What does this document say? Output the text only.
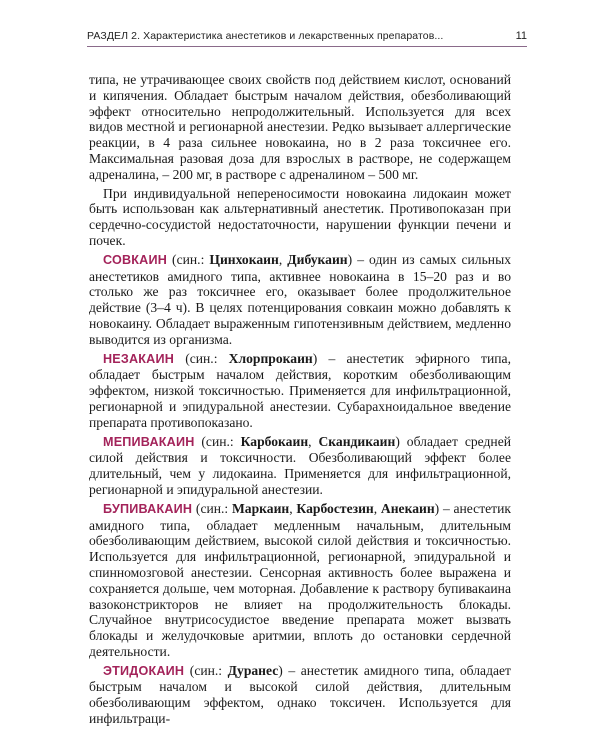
РАЗДЕЛ 2. Характеристика анестетиков и лекарственных препаратов...	11

типа, не утрачивающее своих свойств под действием кислот, оснований и кипячения. Обладает быстрым началом действия, обезболивающий эффект относительно непродолжительный. Используется для всех видов местной и регионарной анестезии. Редко вызывает аллергические реакции, в 4 раза сильнее новокаина, но в 2 раза токсичнее его. Максимальная разовая доза для взрослых в растворе, не содержащем адреналина, – 200 мг, в растворе с адреналином – 500 мг.

При индивидуальной непереносимости новокаина лидокаин может быть использован как альтернативный анестетик. Противопоказан при сердечно-сосудистой недостаточности, нарушении функции печени и почек.

СОВКАИН (син.: Цинхокаин, Дибукаин) – один из самых сильных анестетиков амидного типа, активнее новокаина в 15–20 раз и во столько же раз токсичнее его, оказывает более продолжительное действие (3–4 ч). В целях потенцирования совкаин можно добавлять к новокаину. Обладает выраженным гипотензивным действием, медленно выводится из организма.

НЕЗАКАИН (син.: Хлорпрокаин) – анестетик эфирного типа, обладает быстрым началом действия, коротким обезболивающим эффектом, низкой токсичностью. Применяется для инфильтрационной, регионарной и эпидуральной анестезии. Субарахноидальное введение препарата противопоказано.

МЕПИВАКАИН (син.: Карбокаин, Скандикаин) обладает средней силой действия и токсичности. Обезболивающий эффект более длительный, чем у лидокаина. Применяется для инфильтрационной, регионарной и эпидуральной анестезии.

БУПИВАКАИН (син.: Маркаин, Карбостезин, Анекаин) – анестетик амидного типа, обладает медленным начальным, длительным обезболивающим действием, высокой силой действия и токсичностью. Используется для инфильтрационной, регионарной, эпидуральной и спинномозговой анестезии. Сенсорная активность более выражена и сохраняется дольше, чем моторная. Добавление к раствору бупивакаина вазоконстрикторов не влияет на продолжительность блокады. Случайное внутрисосудистое введение препарата может вызвать блокады и желудочковые аритмии, вплоть до остановки сердечной деятельности.

ЭТИДОКАИН (син.: Дуранес) – анестетик амидного типа, обладает быстрым началом и высокой силой действия, длительным обезболивающим эффектом, однако токсичен. Используется для инфильтраци-
